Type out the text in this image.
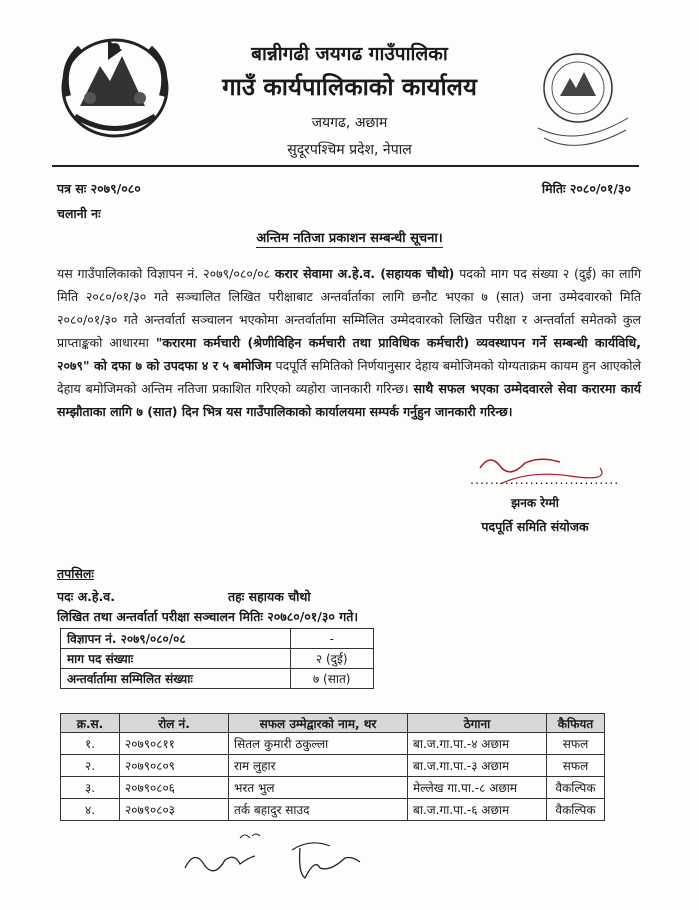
बान्नीगढी जयगढ गाउँपालिका
गाउँ कार्यपालिकाको कार्यालय
जयगढ, अछाम
सुदूरपश्चिम प्रदेश, नेपाल
पत्र सः २०७९/०८०	मितिः २०८०/०१/३०
चलानी नः
अन्तिम नतिजा प्रकाशन सम्बन्धी सूचना।
यस गाउँपालिकाको विज्ञापन नं. २०७९/०८०/०८ करार सेवामा अ.हे.व. (सहायक चौथो) पदको माग पद संख्या २ (दुई) का लागि मिति २०८०/०१/३० गते सञ्चालित लिखित परीक्षाबाट अन्तर्वार्ताका लागि छनौट भएका ७ (सात) जना उम्मेदवारको मिति २०८०/०१/३० गते अन्तर्वार्ता सञ्चालन भएकोमा अन्तर्वार्तामा सम्मिलित उम्मेदवारको लिखित परीक्षा र अन्तर्वार्ता समेतको कुल प्राप्ताङ्कको आधारमा "करारमा कर्मचारी (श्रेणीविहिन कर्मचारी तथा प्राविधिक कर्मचारी) व्यवस्थापन गर्ने सम्बन्धी कार्यविधि, २०७९" को दफा ७ को उपदफा ४ र ५ बमोजिम पदपूर्ति समितिको निर्णयानुसार देहाय बमोजिमको योग्यताक्रम कायम हुन आएकोले देहाय बमोजिमको अन्तिम नतिजा प्रकाशित गरिएको व्यहोरा जानकारी गरिन्छ। साथै सफल भएका उम्मेदवारले सेवा करारमा कार्य सम्झौताका लागि ७ (सात) दिन भित्र यस गाउँपालिकाको कार्यालयमा सम्पर्क गर्नुहुन जानकारी गरिन्छ।
..............................
झनक रेग्मी
पदपूर्ति समिति संयोजक
तपसिलः
पदः अ.हे.व.	तहः सहायक चौथो
लिखित तथा अन्तर्वार्ता परीक्षा सञ्चालन मितिः २०७८०/०१/३० गते।
विज्ञापन नं. २०७९/०८०/०८	-
माग पद संख्याः	२ (दुई)
अन्तर्वार्तामा सम्मिलित संख्याः	७ (सात)
क्र.स.	रोल नं.	सफल उम्मेद्वारको नाम, थर	ठेगाना	कैफियत
१.	२०७९०८११	सितल कुमारी ठकुल्ला	बा.ज.गा.पा.-४ अछाम	सफल
२.	२०७९०८०९	राम लुहार	बा.ज.गा.पा.-३ अछाम	सफल
३.	२०७९०८०६	भरत भुल	मेल्लेख गा.पा.-८ अछाम	वैकल्पिक
४.	२०७९०८०३	तर्क बहादुर साउद	बा.ज.गा.पा.-६ अछाम	वैकल्पिक
